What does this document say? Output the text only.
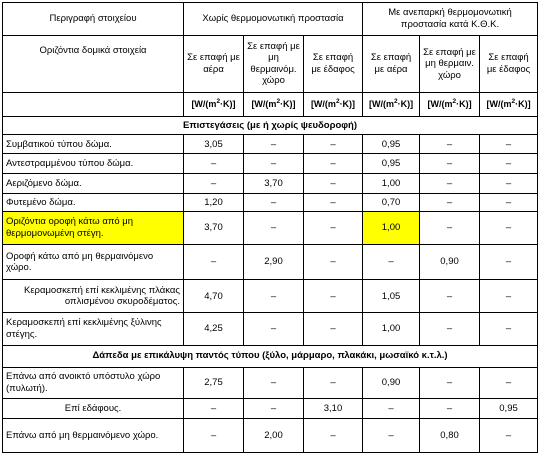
Περιγραφή στοιχείου	Χωρίς θερμομονωτική προστασία			Με ανεπαρκή θερμομονωτική προστασία κατά Κ.Θ.Κ.		
Οριζόντια δομικά στοιχεία	Σε επαφή με αέρα	Σε επαφή με μη θερμαινόμ. χώρο	Σε επαφή με έδαφος	Σε επαφή με αέρα	Σε επαφή με μη θερμαιν. χώρο	Σε επαφή με έδαφος
	$[W/(m^2\cdot K)]$	$[W/(m^2\cdot K)]$	$[W/(m^2\cdot K)]$	$[W/(m^2\cdot K)]$	$[W/(m^2\cdot K)]$	$[W/(m^2\cdot K)]$
Επιστεγάσεις (με ή χωρίς ψευδοροφή)						
Συμβατικού τύπου δώμα.	3,05	–	–	0,95	–	–
Αντεστραμμένου τύπου δώμα.	–	–	–	0,95	–	–
Αεριζόμενο δώμα.	–	3,70	–	1,00	–	–
Φυτεμένο δώμα.	1,20	–	–	0,70	–	–
Οριζόντια οροφή κάτω από μη θερμομονωμένη στέγη.	3,70	–	–	1,00	–	–
Οροφή κάτω από μη θερμαινόμενο χώρο.	–	2,90	–	–	0,90	–
Κεραμοσκεπή επί κεκλιμένης πλάκας οπλισμένου σκυροδέματος.	4,70	–	–	1,05	–	–
Κεραμοσκεπή επί κεκλιμένης ξύλινης στέγης.	4,25	–	–	1,00	–	–
Δάπεδα με επικάλυψη παντός τύπου (ξύλο, μάρμαρο, πλακάκι, μωσαϊκό κ.τ.λ.)						
Επάνω από ανοικτό υπόστυλο χώρο (πυλωτή).	2,75	–	–	0,90	–	–
Επί εδάφους.	–	–	3,10	–	–	0,95
Επάνω από μη θερμαινόμενο χώρο.	–	2,00	–	–	0,80	–
